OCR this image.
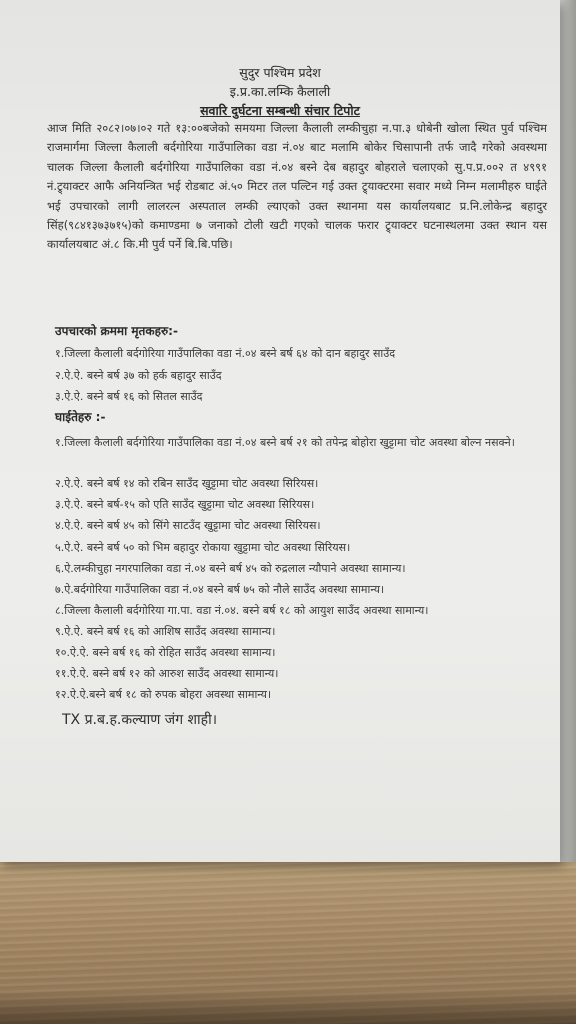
सुदुर पश्चिम प्रदेश
इ.प्र.का.लम्कि कैलाली
सवारि दुर्घटना सम्बन्धी संचार टिपोट

आज मिति २०८२।०७।०२ गते १३:००बजेको समयमा जिल्ला कैलाली लम्कीचुहा न.पा.३ धोबेनी खोला स्थित पुर्व पश्चिम राजमार्गमा जिल्ला कैलाली बर्दगोरिया गाउँपालिका वडा नं.०४ बाट मलामि बोकेर चिसापानी तर्फ जादै गरेको अवस्थमा चालक जिल्ला कैलाली बर्दगोरिया गाउँपालिका वडा नं.०४ बस्ने देब बहादुर बोहराले चलाएको सु.प.प्र.००२ त ४९९१ नं.ट्र्याक्टर आफै अनियन्त्रित भई रोडबाट अं.५० मिटर तल पल्टिन गई उक्त ट्र्याक्टरमा सवार मध्ये निम्न मलामीहरु घाईते भई उपचारको लागी लालरत्न अस्पताल लम्की ल्याएको उक्त स्थानमा यस कार्यालयबाट प्र.नि.लोकेन्द्र बहादुर सिंह(९८४१३७३७१५)को कमाण्डमा ७ जनाको टोली खटी गएको चालक फरार ट्र्याक्टर घटनास्थलमा उक्त स्थान यस कार्यालयबाट अं.८ कि.मी पुर्व पर्ने बि.बि.पछि।

उपचारको क्रममा मृतकहरु:-
१.जिल्ला कैलाली बर्दगोरिया गाउँपालिका वडा नं.०४ बस्ने बर्ष ६४ को दान बहादुर साउँद
२.ऐ.ऐ. बस्ने बर्ष ३७ को हर्क बहादुर साउँद
३.ऐ.ऐ. बस्ने बर्ष १६ को सितल साउँद
घाईतेहरु :-

१.जिल्ला कैलाली बर्दगोरिया गाउँपालिका वडा नं.०४ बस्ने बर्ष २१ को तपेन्द्र बोहोरा खुट्टामा चोट अवस्था बोल्न नसक्ने।

२.ऐ.ऐ. बस्ने बर्ष १४ को रबिन साउँद खुट्टामा चोट अवस्था सिरियस।
३.ऐ.ऐ. बस्ने बर्ष-१५ को एति साउँद खुट्टामा चोट अवस्था सिरियस।
४.ऐ.ऐ. बस्ने बर्ष ४५ को सिंगे साटउँद खुट्टामा चोट अवस्था सिरियस।
५.ऐ.ऐ. बस्ने बर्ष ५० को भिम बहादुर रोकाया खुट्टामा चोट अवस्था सिरियस।
६.ऐ.लम्कीचुहा नगरपालिका वडा नं.०४ बस्ने बर्ष ४५ को रुद्रलाल न्यौपाने अवस्था सामान्य।
७.ऐ.बर्दगोरिया गाउँपालिका वडा नं.०४ बस्ने बर्ष ७५ को नौले साउँद अवस्था सामान्य।
८.जिल्ला कैलाली बर्दगोरिया गा.पा. वडा नं.०४. बस्ने बर्ष १८ को आयुश साउँद अवस्था सामान्य।
९.ऐ.ऐ. बस्ने बर्ष १६ को आशिष साउँद अवस्था सामान्य।
१०.ऐ.ऐ. बस्ने बर्ष १६ को रोहित साउँद अवस्था सामान्य।
११.ऐ.ऐ. बस्ने बर्ष १२ को आरुश साउँद अवस्था सामान्य।
१२.ऐ.ऐ.बस्ने बर्ष १८ को रुपक बोहरा अवस्था सामान्य।
TX प्र.ब.ह.कल्याण जंग शाही।
